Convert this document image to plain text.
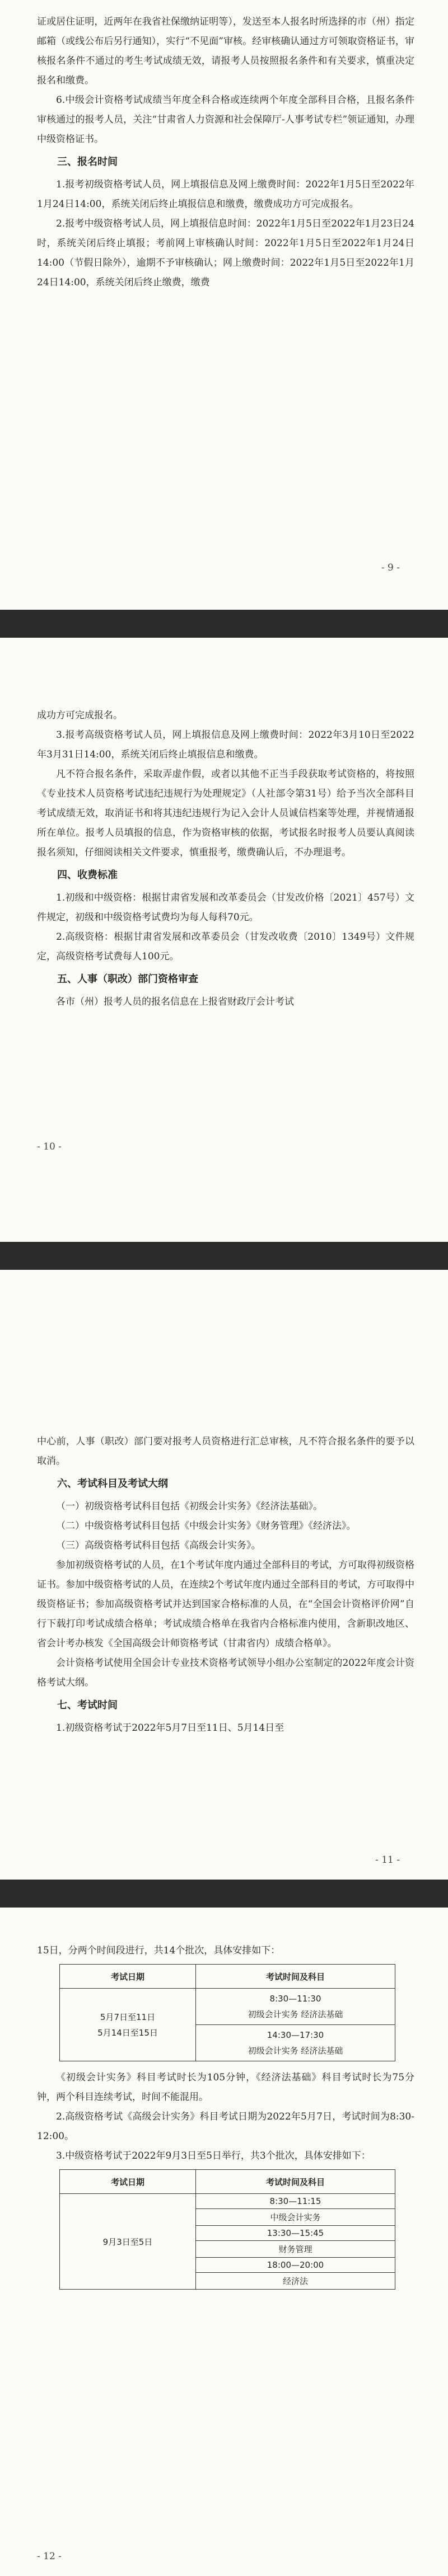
证或居住证明，近两年在我省社保缴纳证明等），发送至本人报名时所选择的市（州）指定邮箱（或线公布后另行通知），实行“不见面”审核。经审核确认通过方可领取资格证书，审核报名条件不通过的考生考试成绩无效，请报考人员按照报名条件和有关要求，慎重决定报名和缴费。

6.中级会计资格考试成绩当年度全科合格或连续两个年度全部科目合格，且报名条件审核通过的报考人员，关注“甘肃省人力资源和社会保障厅-人事考试专栏”领证通知，办理中级资格证书。

三、报名时间

1.报考初级资格考试人员，网上填报信息及网上缴费时间：2022年1月5日至2022年1月24日14:00，系统关闭后终止填报信息和缴费，缴费成功方可完成报名。

2.报考中级资格考试人员，网上填报信息时间：2022年1月5日至2022年1月23日24时，系统关闭后终止填报；考前网上审核确认时间：2022年1月5日至2022年1月24日14:00（节假日除外），逾期不予审核确认；网上缴费时间：2022年1月5日至2022年1月24日14:00，系统关闭后终止缴费，缴费

- 9 -

成功方可完成报名。

3.报考高级资格考试人员，网上填报信息及网上缴费时间：2022年3月10日至2022年3月31日14:00，系统关闭后终止填报信息和缴费。

凡不符合报名条件，采取弄虚作假，或者以其他不正当手段获取考试资格的，将按照《专业技术人员资格考试违纪违规行为处理规定》（人社部令第31号）给予当次全部科目考试成绩无效，取消证书和将其违纪违规行为记入会计人员诚信档案等处理，并视情通报所在单位。报考人员填报的信息，作为资格审核的依据，考试报名时报考人员要认真阅读报名须知，仔细阅读相关文件要求，慎重报考，缴费确认后，不办理退考。

四、收费标准

1.初级和中级资格：根据甘肃省发展和改革委员会（甘发改价格〔2021〕457号）文件规定，初级和中级资格考试费均为每人每科70元。

2.高级资格：根据甘肃省发展和改革委员会（甘发改收费〔2010〕1349号）文件规定，高级资格考试费每人100元。

五、人事（职改）部门资格审查

各市（州）报考人员的报名信息在上报省财政厅会计考试

- 10 -

中心前，人事（职改）部门要对报考人员资格进行汇总审核，凡不符合报名条件的要予以取消。

六、考试科目及考试大纲

（一）初级资格考试科目包括《初级会计实务》《经济法基础》。

（二）中级资格考试科目包括《中级会计实务》《财务管理》《经济法》。

（三）高级资格考试科目包括《高级会计实务》。

参加初级资格考试的人员，在1个考试年度内通过全部科目的考试，方可取得初级资格证书。参加中级资格考试的人员，在连续2个考试年度内通过全部科目的考试，方可取得中级资格证书；参加高级资格考试并达到国家合格标准的人员，在“全国会计资格评价网”自行下载打印考试成绩合格单；考试成绩合格单在我省内合格标准内使用，含新职改地区、省会计考办核发《全国高级会计师资格考试（甘肃省内）成绩合格单》。

会计资格考试使用全国会计专业技术资格考试领导小组办公室制定的2022年度会计资格考试大纲。

七、考试时间

1.初级资格考试于2022年5月7日至11日、5月14日至

- 11 -

15日，分两个时间段进行，共14个批次，具体安排如下：

考试日期	考试时间及科目

5月7日至11日
5月14日至15日	8:30—11:30
初级会计实务 经济法基础

	14:30—17:30
初级会计实务 经济法基础

《初级会计实务》科目考试时长为105分钟，《经济法基础》科目考试时长为75分钟，两个科目连续考试，时间不能混用。

2.高级资格考试《高级会计实务》科目考试日期为2022年5月7日，考试时间为8:30-12:00。

3.中级资格考试于2022年9月3日至5日举行，共3个批次，具体安排如下：

考试日期	考试时间及科目
9月3日至5日	8:30—11:15
	中级会计实务
	13:30—15:45
	财务管理
	18:00—20:00
	经济法
- 12 -
